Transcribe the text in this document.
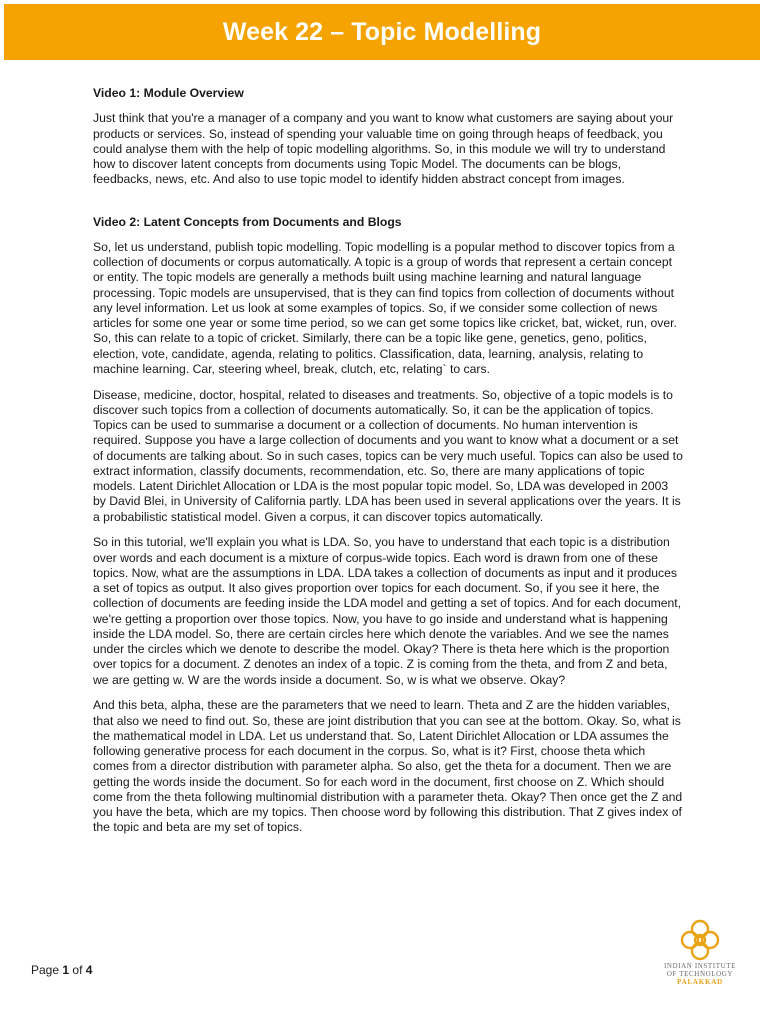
Week 22 – Topic Modelling
Video 1: Module Overview

Just think that you're a manager of a company and you want to know what customers are saying about your products or services. So, instead of spending your valuable time on going through heaps of feedback, you could analyse them with the help of topic modelling algorithms. So, in this module we will try to understand how to discover latent concepts from documents using Topic Model. The documents can be blogs, feedbacks, news, etc. And also to use topic model to identify hidden abstract concept from images.

Video 2: Latent Concepts from Documents and Blogs

So, let us understand, publish topic modelling. Topic modelling is a popular method to discover topics from a collection of documents or corpus automatically. A topic is a group of words that represent a certain concept or entity. The topic models are generally a methods built using machine learning and natural language processing. Topic models are unsupervised, that is they can find topics from collection of documents without any level information. Let us look at some examples of topics. So, if we consider some collection of news articles for some one year or some time period, so we can get some topics like cricket, bat, wicket, run, over. So, this can relate to a topic of cricket. Similarly, there can be a topic like gene, genetics, geno, politics, election, vote, candidate, agenda, relating to politics. Classification, data, learning, analysis, relating to machine learning. Car, steering wheel, break, clutch, etc, relating` to cars.

Disease, medicine, doctor, hospital, related to diseases and treatments. So, objective of a topic models is to discover such topics from a collection of documents automatically. So, it can be the application of topics. Topics can be used to summarise a document or a collection of documents. No human intervention is required. Suppose you have a large collection of documents and you want to know what a document or a set of documents are talking about. So in such cases, topics can be very much useful. Topics can also be used to extract information, classify documents, recommendation, etc. So, there are many applications of topic models. Latent Dirichlet Allocation or LDA is the most popular topic model. So, LDA was developed in 2003 by David Blei, in University of California partly. LDA has been used in several applications over the years. It is a probabilistic statistical model. Given a corpus, it can discover topics automatically.

So in this tutorial, we'll explain you what is LDA. So, you have to understand that each topic is a distribution over words and each document is a mixture of corpus-wide topics. Each word is drawn from one of these topics. Now, what are the assumptions in LDA. LDA takes a collection of documents as input and it produces a set of topics as output. It also gives proportion over topics for each document. So, if you see it here, the collection of documents are feeding inside the LDA model and getting a set of topics. And for each document, we're getting a proportion over those topics. Now, you have to go inside and understand what is happening inside the LDA model. So, there are certain circles here which denote the variables. And we see the names under the circles which we denote to describe the model. Okay? There is theta here which is the proportion over topics for a document. Z denotes an index of a topic. Z is coming from the theta, and from Z and beta, we are getting w. W are the words inside a document. So, w is what we observe. Okay?

And this beta, alpha, these are the parameters that we need to learn. Theta and Z are the hidden variables, that also we need to find out. So, these are joint distribution that you can see at the bottom. Okay. So, what is the mathematical model in LDA. Let us understand that. So, Latent Dirichlet Allocation or LDA assumes the following generative process for each document in the corpus. So, what is it? First, choose theta which comes from a director distribution with parameter alpha. So also, get the theta for a document. Then we are getting the words inside the document. So for each word in the document, first choose on Z. Which should come from the theta following multinomial distribution with a parameter theta. Okay? Then once get the Z and you have the beta, which are my topics. Then choose word by following this distribution. That Z gives index of the topic and beta are my set of topics.

Page 1 of 4	INDIAN INSTITUTE
OF TECHNOLOGY
PALAKKAD
